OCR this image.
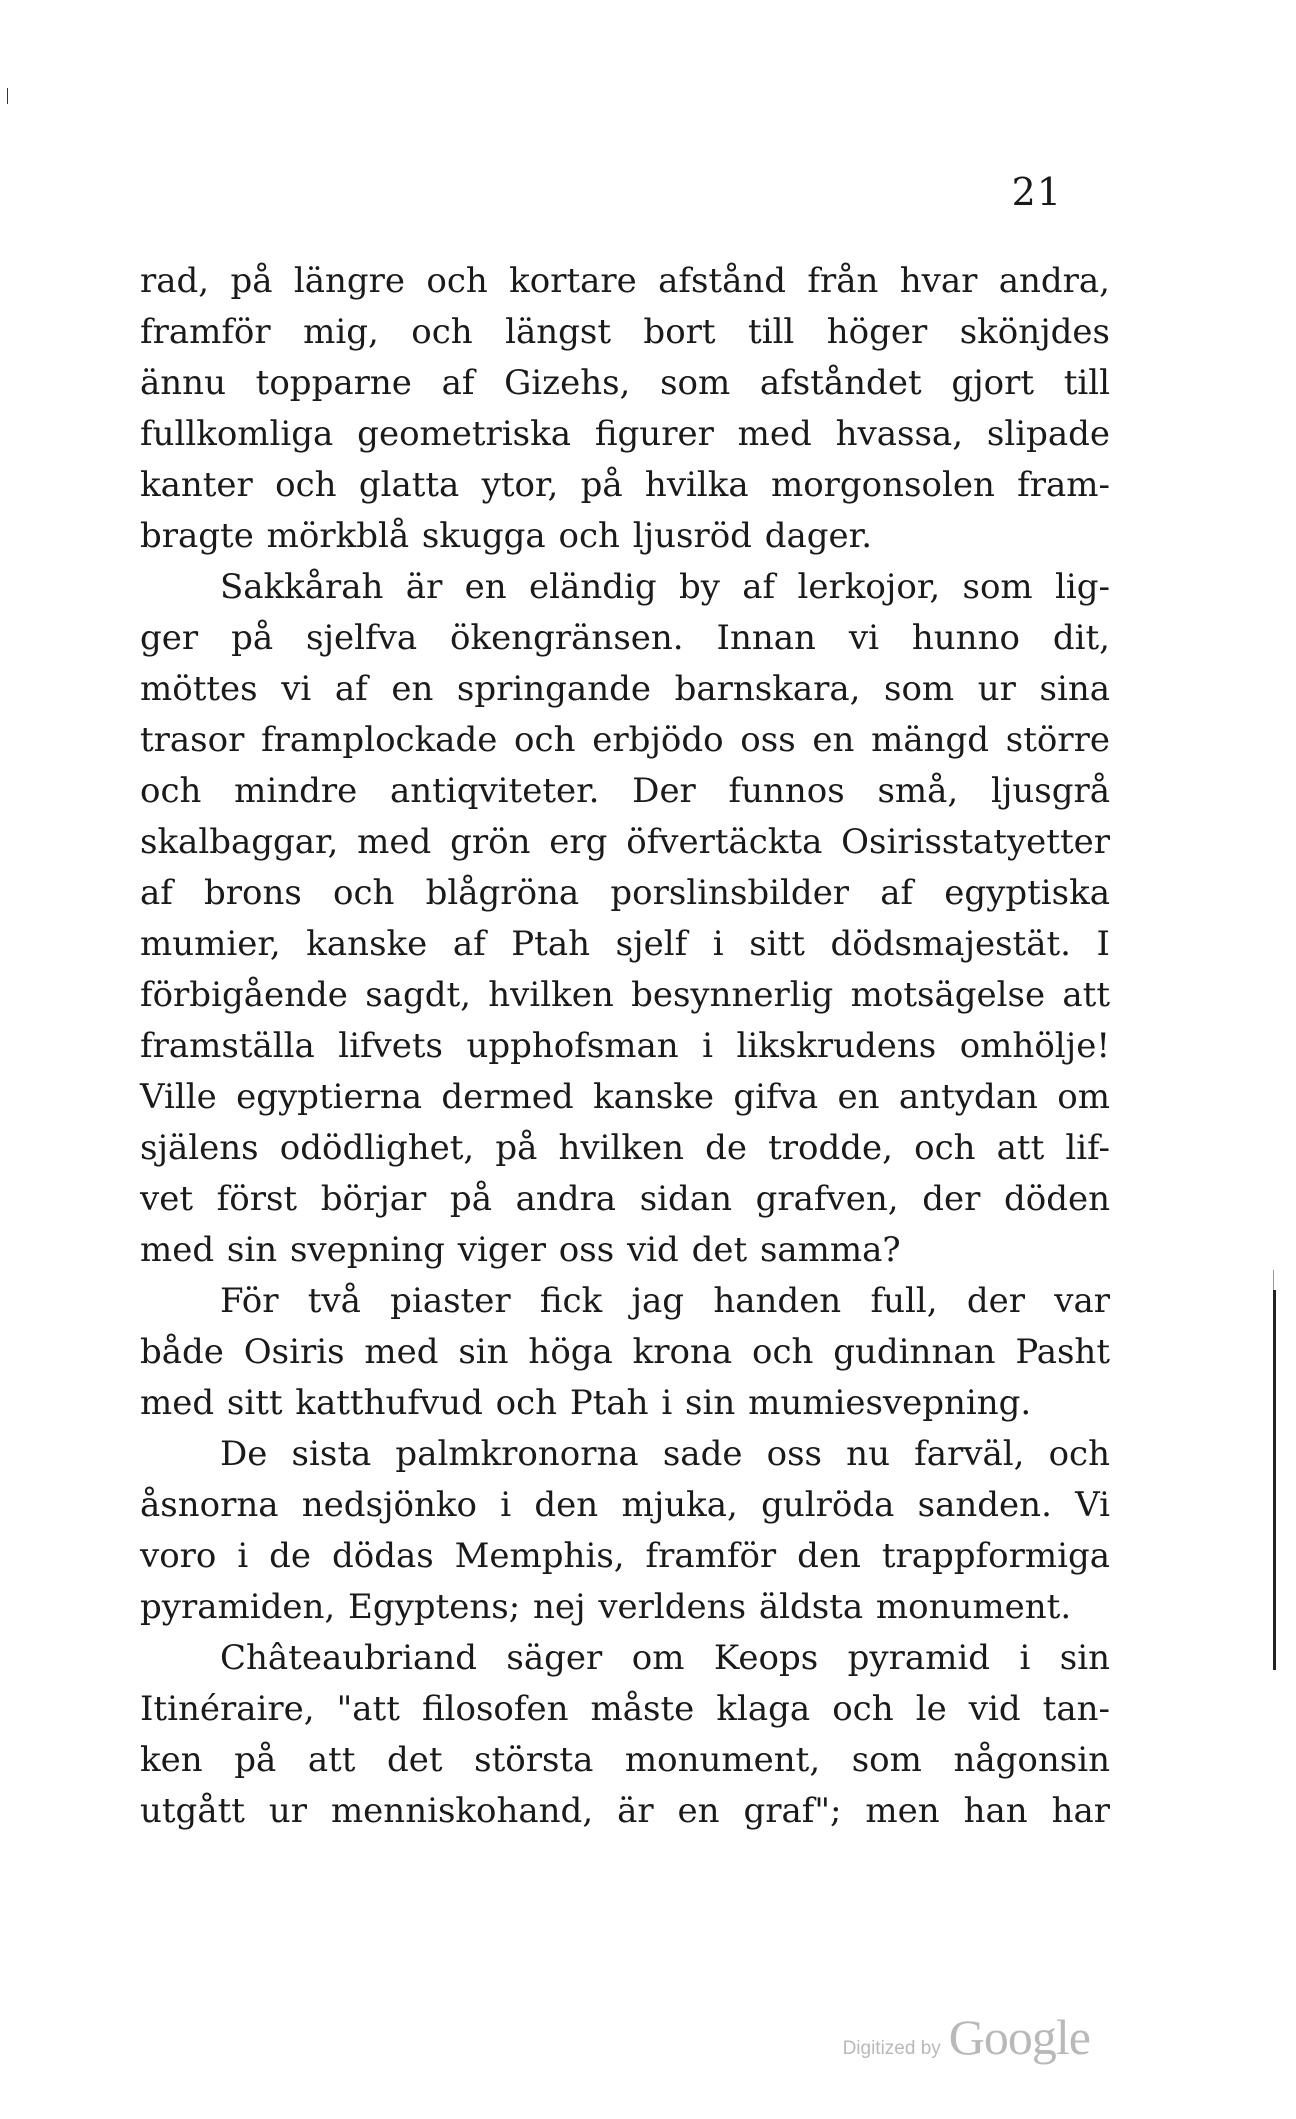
21
rad, på längre och kortare afstånd från hvar andra,
framför mig, och längst bort till höger skönjdes
ännu topparne af Gizehs, som afståndet gjort till
fullkomliga geometriska figurer med hvassa, slipade
kanter och glatta ytor, på hvilka morgonsolen fram-
bragte mörkblå skugga och ljusröd dager.
Sakkårah är en eländig by af lerkojor, som lig-
ger på sjelfva ökengränsen. Innan vi hunno dit,
möttes vi af en springande barnskara, som ur sina
trasor framplockade och erbjödo oss en mängd större
och mindre antiqviteter. Der funnos små, ljusgrå
skalbaggar, med grön erg öfvertäckta Osirisstatyetter
af brons och blågröna porslinsbilder af egyptiska
mumier, kanske af Ptah sjelf i sitt dödsmajestät. I
förbigående sagdt, hvilken besynnerlig motsägelse att
framställa lifvets upphofsman i likskrudens omhölje!
Ville egyptierna dermed kanske gifva en antydan om
själens odödlighet, på hvilken de trodde, och att lif-
vet först börjar på andra sidan grafven, der döden
med sin svepning viger oss vid det samma?
För två piaster fick jag handen full, der var
både Osiris med sin höga krona och gudinnan Pasht
med sitt katthufvud och Ptah i sin mumiesvepning.
De sista palmkronorna sade oss nu farväl, och
åsnorna nedsjönko i den mjuka, gulröda sanden. Vi
voro i de dödas Memphis, framför den trappformiga
pyramiden, Egyptens; nej verldens äldsta monument.
Châteaubriand säger om Keops pyramid i sin
Itinéraire, "att filosofen måste klaga och le vid tan-
ken på att det största monument, som någonsin
utgått ur menniskohand, är en graf"; men han har
Digitized by Google
